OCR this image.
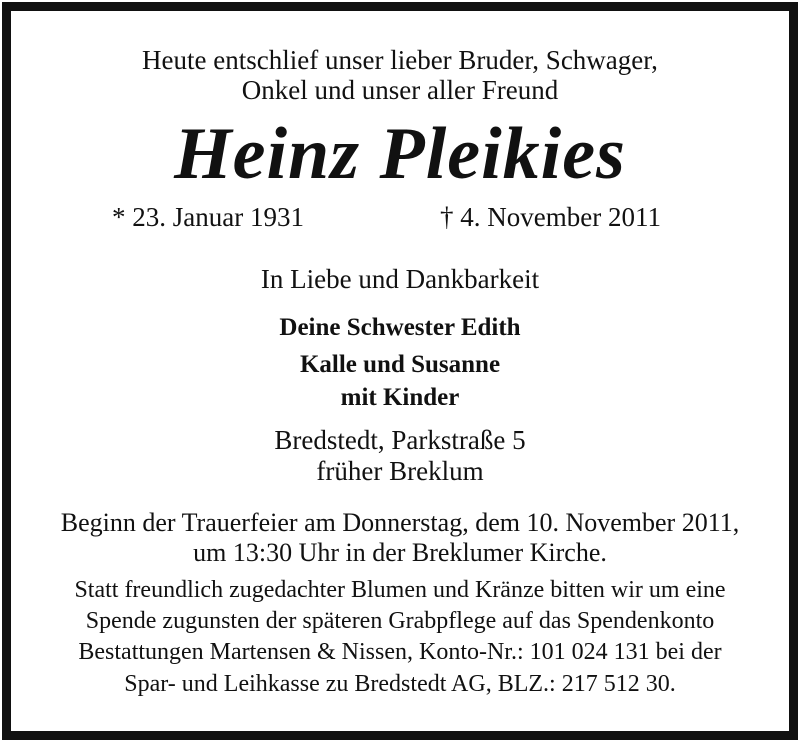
Heute entschlief unser lieber Bruder, Schwager,
Onkel und unser aller Freund
Heinz Pleikies
* 23. Januar 1931	† 4. November 2011
In Liebe und Dankbarkeit
Deine Schwester Edith
Kalle und Susanne
mit Kinder
Bredstedt, Parkstraße 5
früher Breklum
Beginn der Trauerfeier am Donnerstag, dem 10. November 2011,
um 13:30 Uhr in der Breklumer Kirche.
Statt freundlich zugedachter Blumen und Kränze bitten wir um eine
Spende zugunsten der späteren Grabpflege auf das Spendenkonto
Bestattungen Martensen & Nissen, Konto-Nr.: 101 024 131 bei der
Spar- und Leihkasse zu Bredstedt AG, BLZ.: 217 512 30.
